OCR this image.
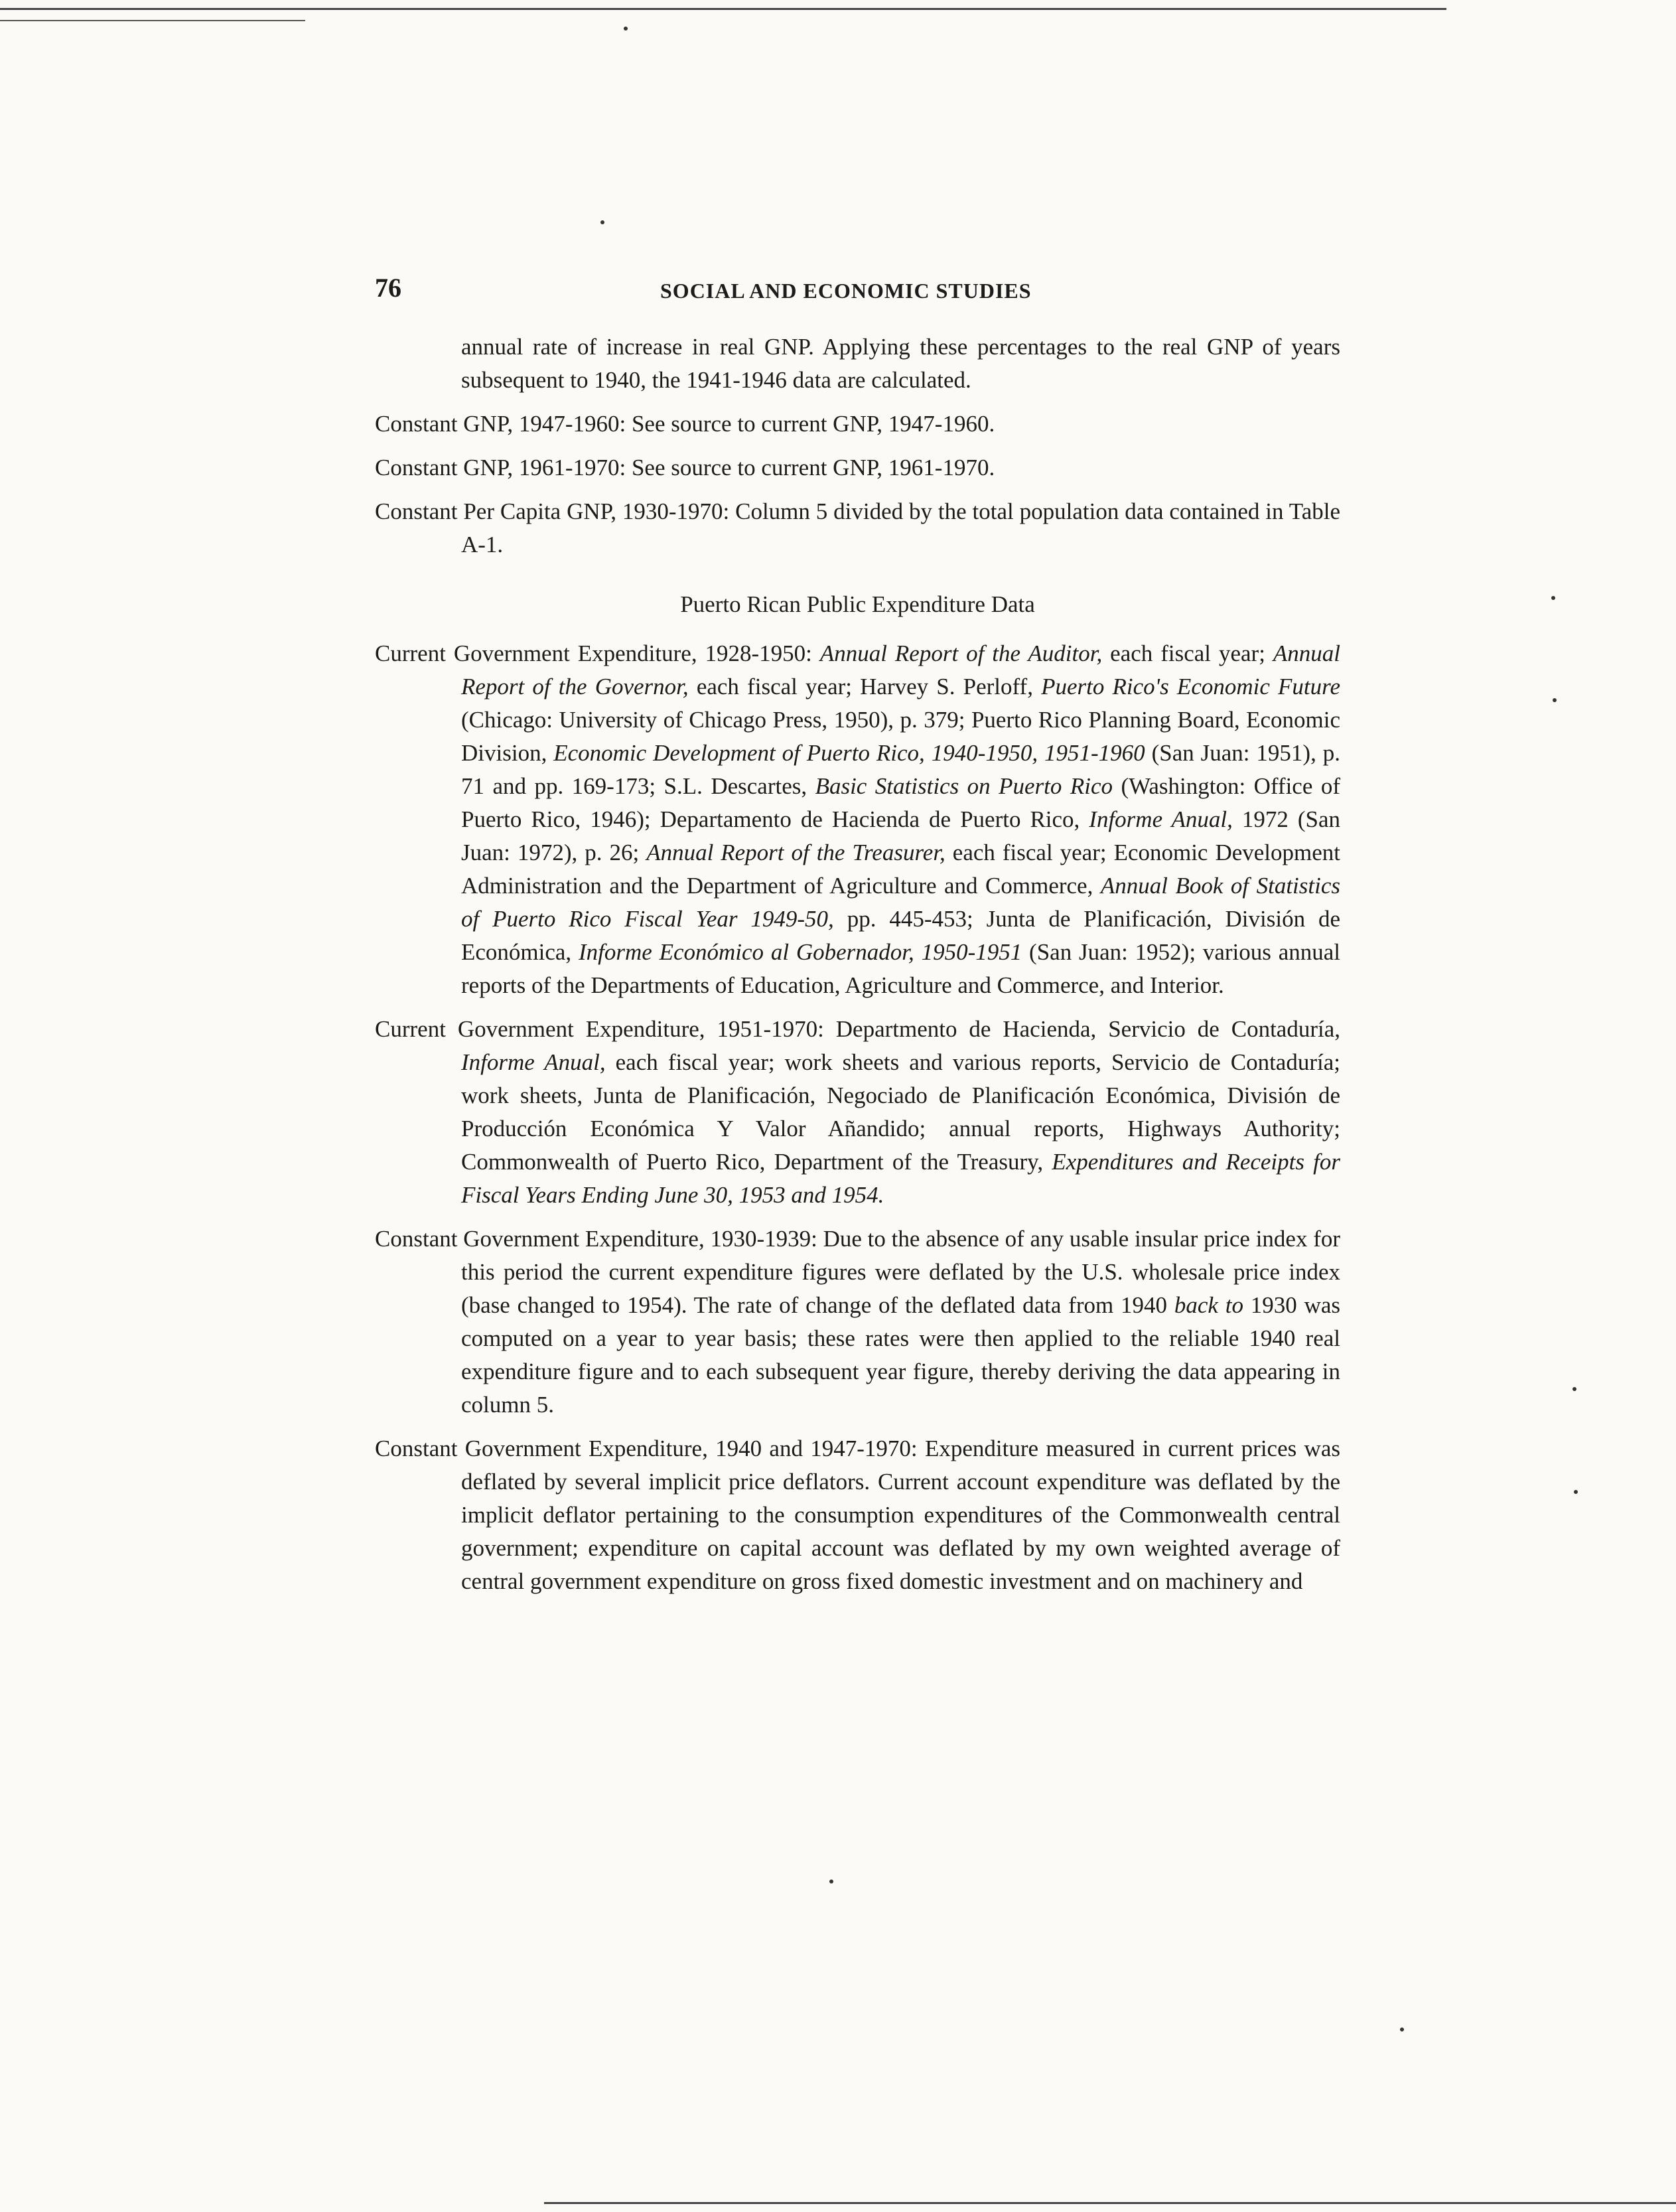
76	SOCIAL AND ECONOMIC STUDIES

annual rate of increase in real GNP. Applying these percentages to the real GNP of years subsequent to 1940, the 1941-1946 data are calculated.

Constant GNP, 1947-1960: See source to current GNP, 1947-1960.

Constant GNP, 1961-1970: See source to current GNP, 1961-1970.

Constant Per Capita GNP, 1930-1970: Column 5 divided by the total population data contained in Table A-1.

Puerto Rican Public Expenditure Data

Current Government Expenditure, 1928-1950: Annual Report of the Auditor, each fiscal year; Annual Report of the Governor, each fiscal year; Harvey S. Perloff, Puerto Rico's Economic Future (Chicago: University of Chicago Press, 1950), p. 379; Puerto Rico Planning Board, Economic Division, Economic Development of Puerto Rico, 1940-1950, 1951-1960 (San Juan: 1951), p. 71 and pp. 169-173; S.L. Descartes, Basic Statistics on Puerto Rico (Washington: Office of Puerto Rico, 1946); Departamento de Hacienda de Puerto Rico, Informe Anual, 1972 (San Juan: 1972), p. 26; Annual Report of the Treasurer, each fiscal year; Economic Development Administration and the Department of Agriculture and Commerce, Annual Book of Statistics of Puerto Rico Fiscal Year 1949-50, pp. 445-453; Junta de Planificación, División de Económica, Informe Económico al Gobernador, 1950-1951 (San Juan: 1952); various annual reports of the Departments of Education, Agriculture and Commerce, and Interior.

Current Government Expenditure, 1951-1970: Departmento de Hacienda, Servicio de Contaduría, Informe Anual, each fiscal year; work sheets and various reports, Servicio de Contaduría; work sheets, Junta de Planificación, Negociado de Planificación Económica, División de Producción Económica Y Valor Añandido; annual reports, Highways Authority; Commonwealth of Puerto Rico, Department of the Treasury, Expenditures and Receipts for Fiscal Years Ending June 30, 1953 and 1954.

Constant Government Expenditure, 1930-1939: Due to the absence of any usable insular price index for this period the current expenditure figures were deflated by the U.S. wholesale price index (base changed to 1954). The rate of change of the deflated data from 1940 back to 1930 was computed on a year to year basis; these rates were then applied to the reliable 1940 real expenditure figure and to each subsequent year figure, thereby deriving the data appearing in column 5.

Constant Government Expenditure, 1940 and 1947-1970: Expenditure measured in current prices was deflated by several implicit price deflators. Current account expenditure was deflated by the implicit deflator pertaining to the consumption expenditures of the Commonwealth central government; expenditure on capital account was deflated by my own weighted average of central government expenditure on gross fixed domestic investment and on machinery and
